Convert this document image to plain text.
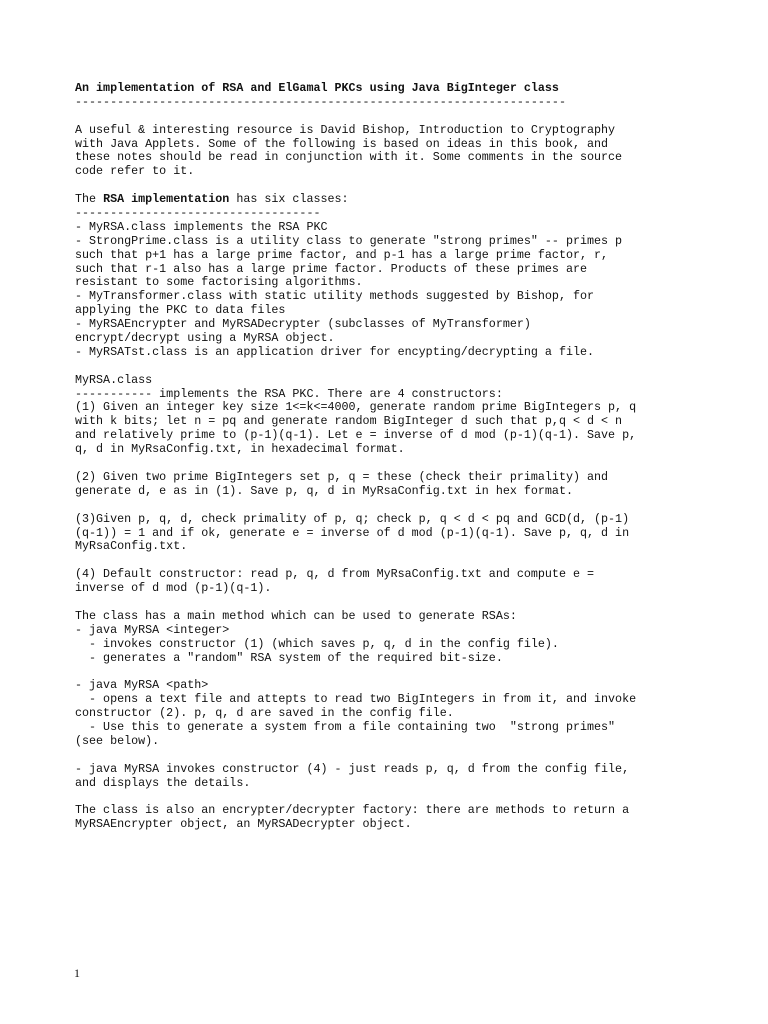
An implementation of RSA and ElGamal PKCs using Java BigInteger class
----------------------------------------------------------------------
A useful & interesting resource is David Bishop, Introduction to Cryptography
with Java Applets. Some of the following is based on ideas in this book, and
these notes should be read in conjunction with it. Some comments in the source
code refer to it.
The RSA implementation has six classes:
-----------------------------------
- MyRSA.class implements the RSA PKC
- StrongPrime.class is a utility class to generate "strong primes" -- primes p
such that p+1 has a large prime factor, and p-1 has a large prime factor, r,
such that r-1 also has a large prime factor. Products of these primes are
resistant to some factorising algorithms.
- MyTransformer.class with static utility methods suggested by Bishop, for
applying the PKC to data files
- MyRSAEncrypter and MyRSADecrypter (subclasses of MyTransformer)
encrypt/decrypt using a MyRSA object.
- MyRSATst.class is an application driver for encypting/decrypting a file.
MyRSA.class
----------- implements the RSA PKC. There are 4 constructors:
(1) Given an integer key size 1<=k<=4000, generate random prime BigIntegers p, q
with k bits; let n = pq and generate random BigInteger d such that p,q < d < n
and relatively prime to (p-1)(q-1). Let e = inverse of d mod (p-1)(q-1). Save p,
q, d in MyRsaConfig.txt, in hexadecimal format.
(2) Given two prime BigIntegers set p, q = these (check their primality) and
generate d, e as in (1). Save p, q, d in MyRsaConfig.txt in hex format.
(3)Given p, q, d, check primality of p, q; check p, q < d < pq and GCD(d, (p-1)
(q-1)) = 1 and if ok, generate e = inverse of d mod (p-1)(q-1). Save p, q, d in
MyRsaConfig.txt.
(4) Default constructor: read p, q, d from MyRsaConfig.txt and compute e =
inverse of d mod (p-1)(q-1).
The class has a main method which can be used to generate RSAs:
- java MyRSA <integer>
- invokes constructor (1) (which saves p, q, d in the config file).
- generates a "random" RSA system of the required bit-size.
- java MyRSA <path>
- opens a text file and attepts to read two BigIntegers in from it, and invoke
constructor (2). p, q, d are saved in the config file.
- Use this to generate a system from a file containing two  "strong primes"
(see below).
- java MyRSA invokes constructor (4) - just reads p, q, d from the config file,
and displays the details.
The class is also an encrypter/decrypter factory: there are methods to return a
MyRSAEncrypter object, an MyRSADecrypter object.
1
